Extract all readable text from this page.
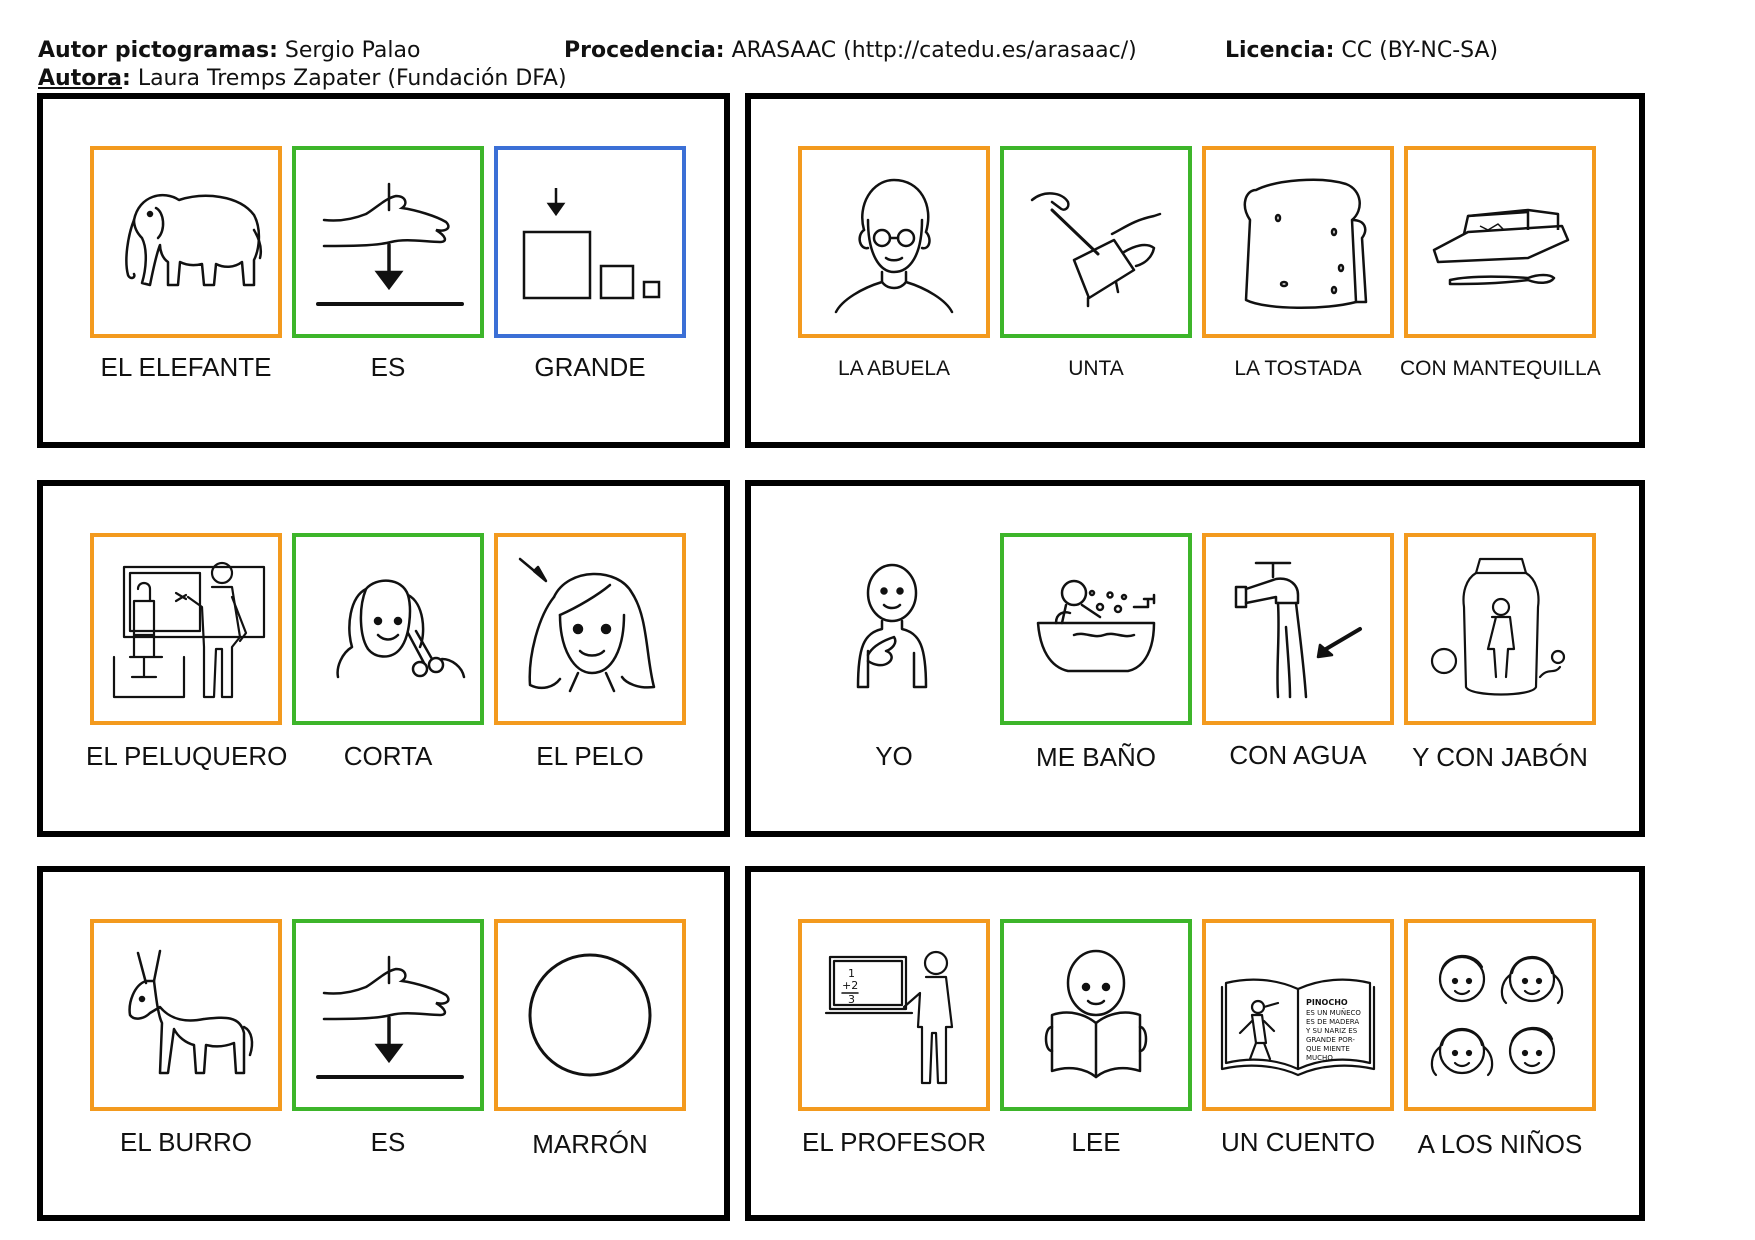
Autor pictogramas: Sergio Palao	Procedencia: ARASAAC (http://catedu.es/arasaac/)	Licencia: CC (BY-NC-SA)
Autora: Laura Tremps Zapater (Fundación DFA)
EL ELEFANTE	ES	GRANDE	LA ABUELA	UNTA	LA TOSTADA	CON MANTEQUILLA
EL PELUQUERO	CORTA	EL PELO	YO	ME BAÑO	CON AGUA	Y CON JABÓN
EL BURRO	ES	MARRÓN
1
+2
3	PINOCHO
ES UN MUÑECO
ES DE MADERA
Y SU NARIZ ES
GRANDE POR-
QUE MIENTE
MUCHO.
EL PROFESOR	LEE	UN CUENTO	A LOS NIÑOS
